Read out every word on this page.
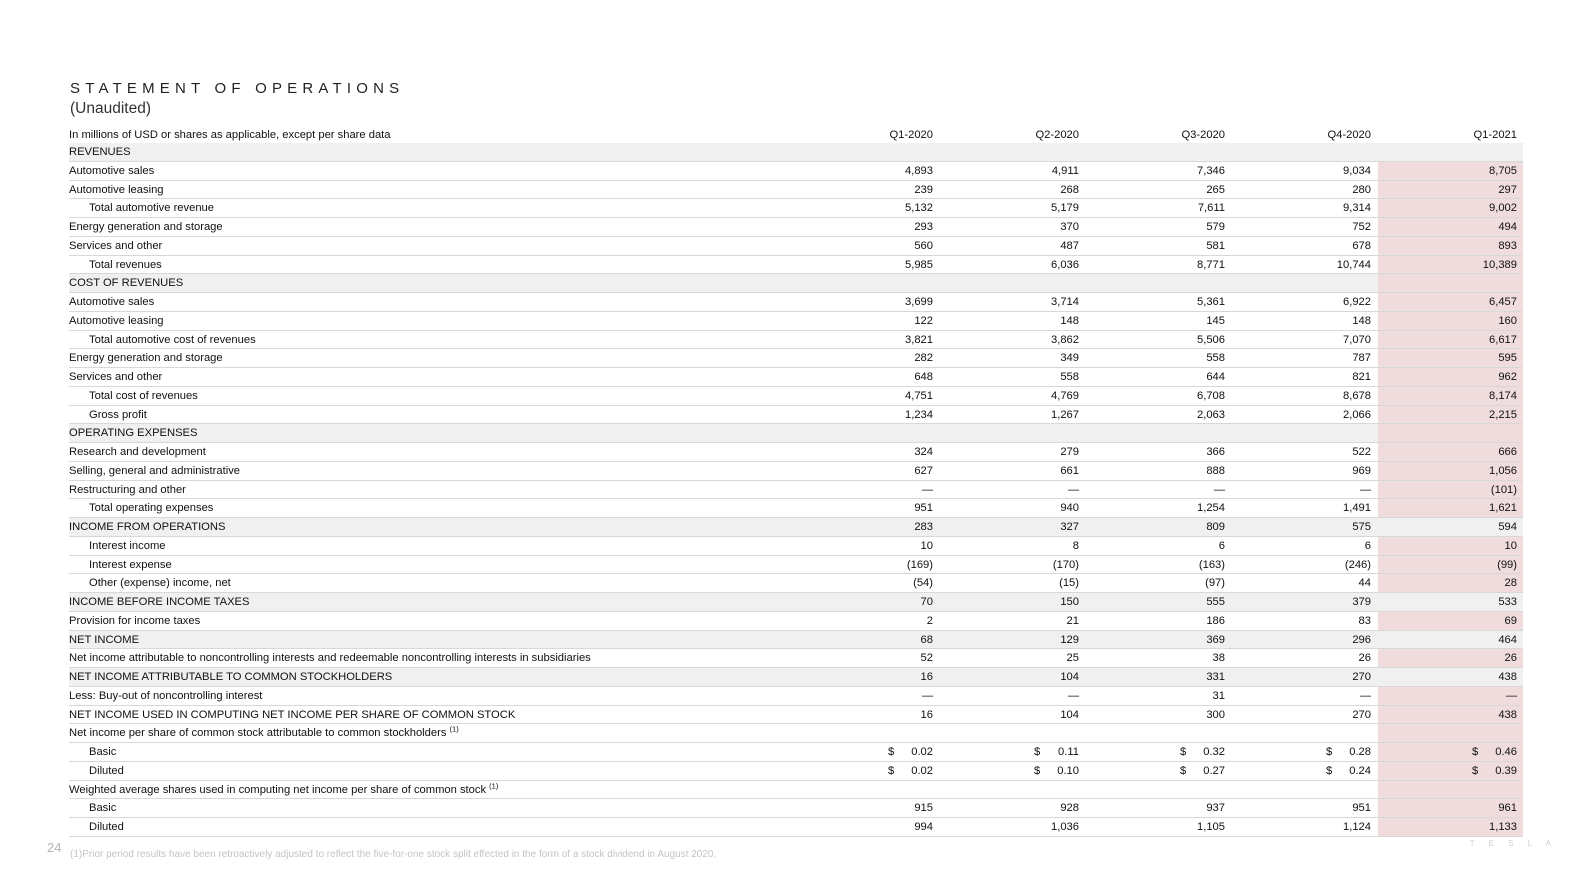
STATEMENT OF OPERATIONS
(Unaudited)
In millions of USD or shares as applicable, except per share data	Q1-2020	Q2-2020	Q3-2020	Q4-2020	Q1-2021
REVENUES
Automotive sales	4,893	4,911	7,346	9,034	8,705
Automotive leasing	239	268	265	280	297
Total automotive revenue	5,132	5,179	7,611	9,314	9,002
Energy generation and storage	293	370	579	752	494
Services and other	560	487	581	678	893
Total revenues	5,985	6,036	8,771	10,744	10,389
COST OF REVENUES
Automotive sales	3,699	3,714	5,361	6,922	6,457
Automotive leasing	122	148	145	148	160
Total automotive cost of revenues	3,821	3,862	5,506	7,070	6,617
Energy generation and storage	282	349	558	787	595
Services and other	648	558	644	821	962
Total cost of revenues	4,751	4,769	6,708	8,678	8,174
Gross profit	1,234	1,267	2,063	2,066	2,215
OPERATING EXPENSES
Research and development	324	279	366	522	666
Selling, general and administrative	627	661	888	969	1,056
Restructuring and other	—	—	—	—	(101)
Total operating expenses	951	940	1,254	1,491	1,621
INCOME FROM OPERATIONS	283	327	809	575	594
Interest income	10	8	6	6	10
Interest expense	(169)	(170)	(163)	(246)	(99)
Other (expense) income, net	(54)	(15)	(97)	44	28
INCOME BEFORE INCOME TAXES	70	150	555	379	533
Provision for income taxes	2	21	186	83	69
NET INCOME	68	129	369	296	464
Net income attributable to noncontrolling interests and redeemable noncontrolling interests in subsidiaries	52	25	38	26	26
NET INCOME ATTRIBUTABLE TO COMMON STOCKHOLDERS	16	104	331	270	438
Less: Buy-out of noncontrolling interest	—	—	31	—	—
NET INCOME USED IN COMPUTING NET INCOME PER SHARE OF COMMON STOCK	16	104	300	270	438
Net income per share of common stock attributable to common stockholders $^{(1)}$
Basic	$ 0.02	$ 0.11	$ 0.32	$ 0.28	$ 0.46
Diluted	$ 0.02	$ 0.10	$ 0.27	$ 0.24	$ 0.39
Weighted average shares used in computing net income per share of common stock $^{(1)}$
Basic	915	928	937	951	961
Diluted	994	1,036	1,105	1,124	1,133
24 (1)Prior period results have been retroactively adjusted to reflect the five-for-one stock split effected in the form of a stock dividend in August 2020.
T E S L A
